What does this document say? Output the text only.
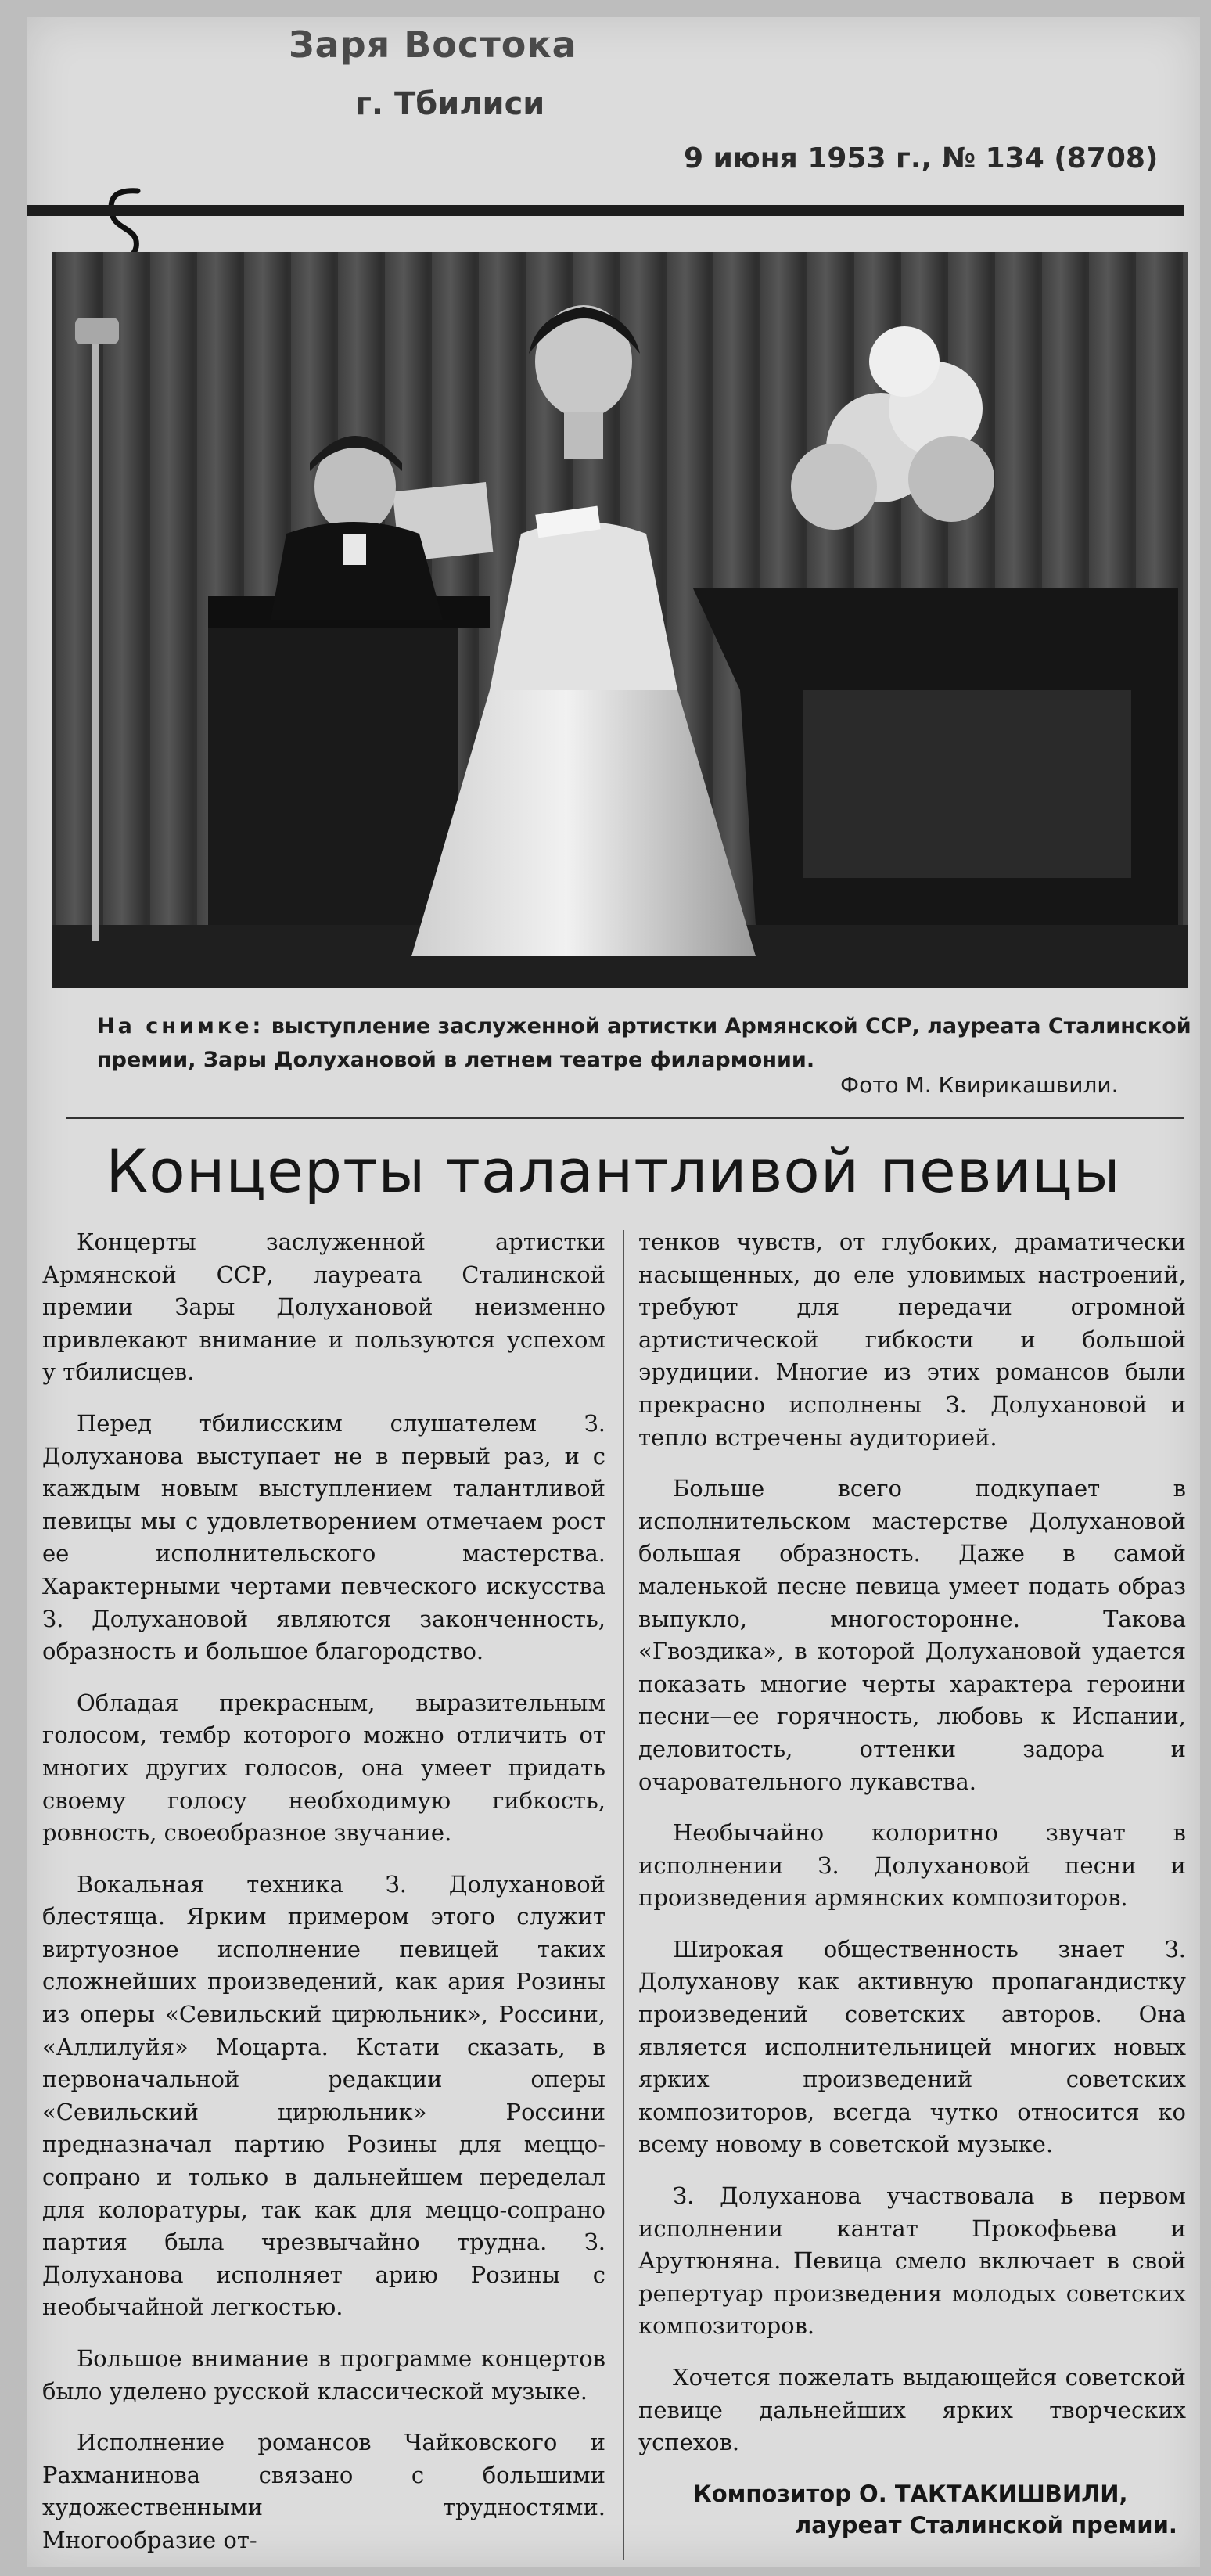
Заря Востока
г. Тбилиси
9 июня 1953 г., № 134 (8708)
На снимке: выступление заслуженной артистки Армянской ССР, лауреата Сталинской премии, Зары Долухановой в летнем театре филармонии.
Фото М. Квирикашвили.
Концерты талантливой певицы

Концерты заслуженной артистки Армянской ССР, лауреата Сталинской премии Зары Долухановой неизменно привлекают внимание и пользуются успехом у тбилисцев.

Перед тбилисским слушателем З. Долуханова выступает не в первый раз, и с каждым новым выступлением талантливой певицы мы с удовлетворением отмечаем рост ее исполнительского мастерства. Характерными чертами певческого искусства З. Долухановой являются законченность, образность и большое благородство.

Обладая прекрасным, выразительным голосом, тембр которого можно отличить от многих других голосов, она умеет придать своему голосу необходимую гибкость, ровность, своеобразное звучание.

Вокальная техника З. Долухановой блестяща. Ярким примером этого служит виртуозное исполнение певицей таких сложнейших произведений, как ария Розины из оперы «Севильский цирюльник», Россини, «Аллилуйя» Моцарта. Кстати сказать, в первоначальной редакции оперы «Севильский цирюльник» Россини предназначал партию Розины для меццо-сопрано и только в дальнейшем переделал для колоратуры, так как для меццо-сопрано партия была чрезвычайно трудна. З. Долуханова исполняет арию Розины с необычайной легкостью.

Большое внимание в программе концертов было уделено русской классической музыке.

Исполнение романсов Чайковского и Рахманинова связано с большими художественными трудностями. Многообразие от-

тенков чувств, от глубоких, драматически насыщенных, до еле уловимых настроений, требуют для передачи огромной артистической гибкости и большой эрудиции. Многие из этих романсов были прекрасно исполнены З. Долухановой и тепло встречены аудиторией.

Больше всего подкупает в исполнительском мастерстве Долухановой большая образность. Даже в самой маленькой песне певица умеет подать образ выпукло, многосторонне. Такова «Гвоздика», в которой Долухановой удается показать многие черты характера героини песни—ее горячность, любовь к Испании, деловитость, оттенки задора и очаровательного лукавства.

Необычайно колоритно звучат в исполнении З. Долухановой песни и произведения армянских композиторов.

Широкая общественность знает З. Долуханову как активную пропагандистку произведений советских авторов. Она является исполнительницей многих новых ярких произведений советских композиторов, всегда чутко относится ко всему новому в советской музыке.

З. Долуханова участвовала в первом исполнении кантат Прокофьева и Арутюняна. Певица смело включает в свой репертуар произведения молодых советских композиторов.

Хочется пожелать выдающейся советской певице дальнейших ярких творческих успехов.

Композитор О. ТАКТАКИШВИЛИ,
лауреат Сталинской премии.
